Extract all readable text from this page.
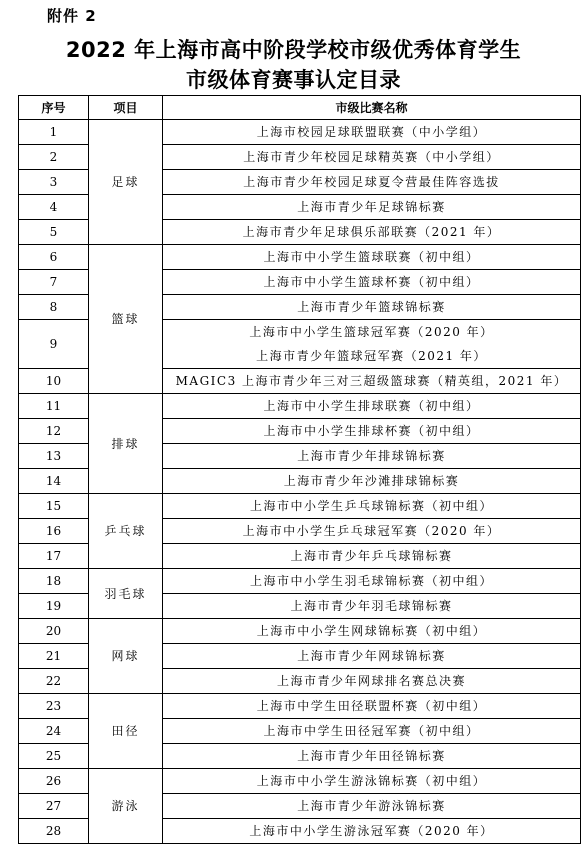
附件 2
2022 年上海市高中阶段学校市级优秀体育学生
市级体育赛事认定目录
序号	项目	市级比赛名称
1	足球	上海市校园足球联盟联赛（中小学组）

2		上海市青少年校园足球精英赛（中小学组）

3		上海市青少年校园足球夏令营最佳阵容选拔

4		上海市青少年足球锦标赛

5		上海市青少年足球俱乐部联赛（2021 年）

6	篮球	上海市中小学生篮球联赛（初中组）

7		上海市中小学生篮球杯赛（初中组）

8		上海市青少年篮球锦标赛

9		上海市中小学生篮球冠军赛（2020 年）
上海市青少年篮球冠军赛（2021 年）

10		MAGIC3 上海市青少年三对三超级篮球赛（精英组，2021 年）

11	排球	上海市中小学生排球联赛（初中组）

12		上海市中小学生排球杯赛（初中组）

13		上海市青少年排球锦标赛

14		上海市青少年沙滩排球锦标赛

15	乒乓球	上海市中小学生乒乓球锦标赛（初中组）

16		上海市中小学生乒乓球冠军赛（2020 年）

17		上海市青少年乒乓球锦标赛

18	羽毛球	上海市中小学生羽毛球锦标赛（初中组）

19		上海市青少年羽毛球锦标赛

20	网球	上海市中小学生网球锦标赛（初中组）

21		上海市青少年网球锦标赛

22		上海市青少年网球排名赛总决赛

23	田径	上海市中学生田径联盟杯赛（初中组）

24		上海市中学生田径冠军赛（初中组）

25		上海市青少年田径锦标赛

26	游泳	上海市中小学生游泳锦标赛（初中组）

27		上海市青少年游泳锦标赛

28		上海市中小学生游泳冠军赛（2020 年）
